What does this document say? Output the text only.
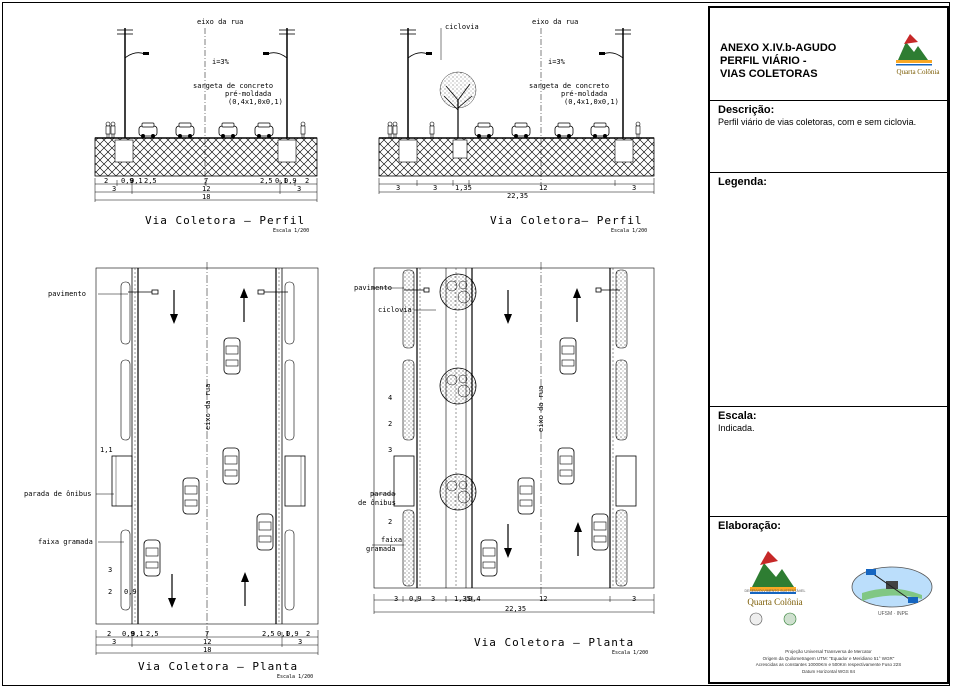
eixo da rua
i=3%
sargeta de concreto
pré-moldada
(0,4x1,0x0,1)
2 0,9
0,1 2,5	7	2,5 0,1
0,9 2
3	12	3
18
Via Coletora — Perfil
Escala 1/200
eixo da rua
ciclovia
i=3%
sargeta de concreto
pré-moldada
(0,4x1,0x0,1)
3	3	1,35	12	3
22,35
Via Coletora— Perfil
Escala 1/200
eixo da rua
pavimento
parada de ônibus
faixa gramada
1,1
3
2 0,9
2 0,9
0,1 2,5	7	2,5 0,1
0,9 2
3	12	3
18
Via Coletora — Planta
Escala 1/200
eixo da rua
pavimento
ciclovia
parada
de ônibus
faixa
gramada
4
2
3
2
3 0,9 3	1,35
0,4	12	3
22,35
Via Coletora — Planta
Escala 1/200
ANEXO X.IV.b-AGUDO
PERFIL VIÁRIO -
VIAS COLETORAS	Quarta Colônia
Descrição:

Perfil viário de vias coletoras, com e sem ciclovia.

Legenda:
Escala:

Indicada.

Elaboração:
Quarta Colônia
DESENVOLVIMENTO SUSTENTÁVEL
UFSM · INPE
Projeção Universal Transversa de Mercator
Origem da Quilometragem UTM: "Equador e Meridiano 51° WGR"
Acrescidas as constantes 10000Km e 500Km respectivamente Fuso 22S
Datum Horizontal WGS 84
